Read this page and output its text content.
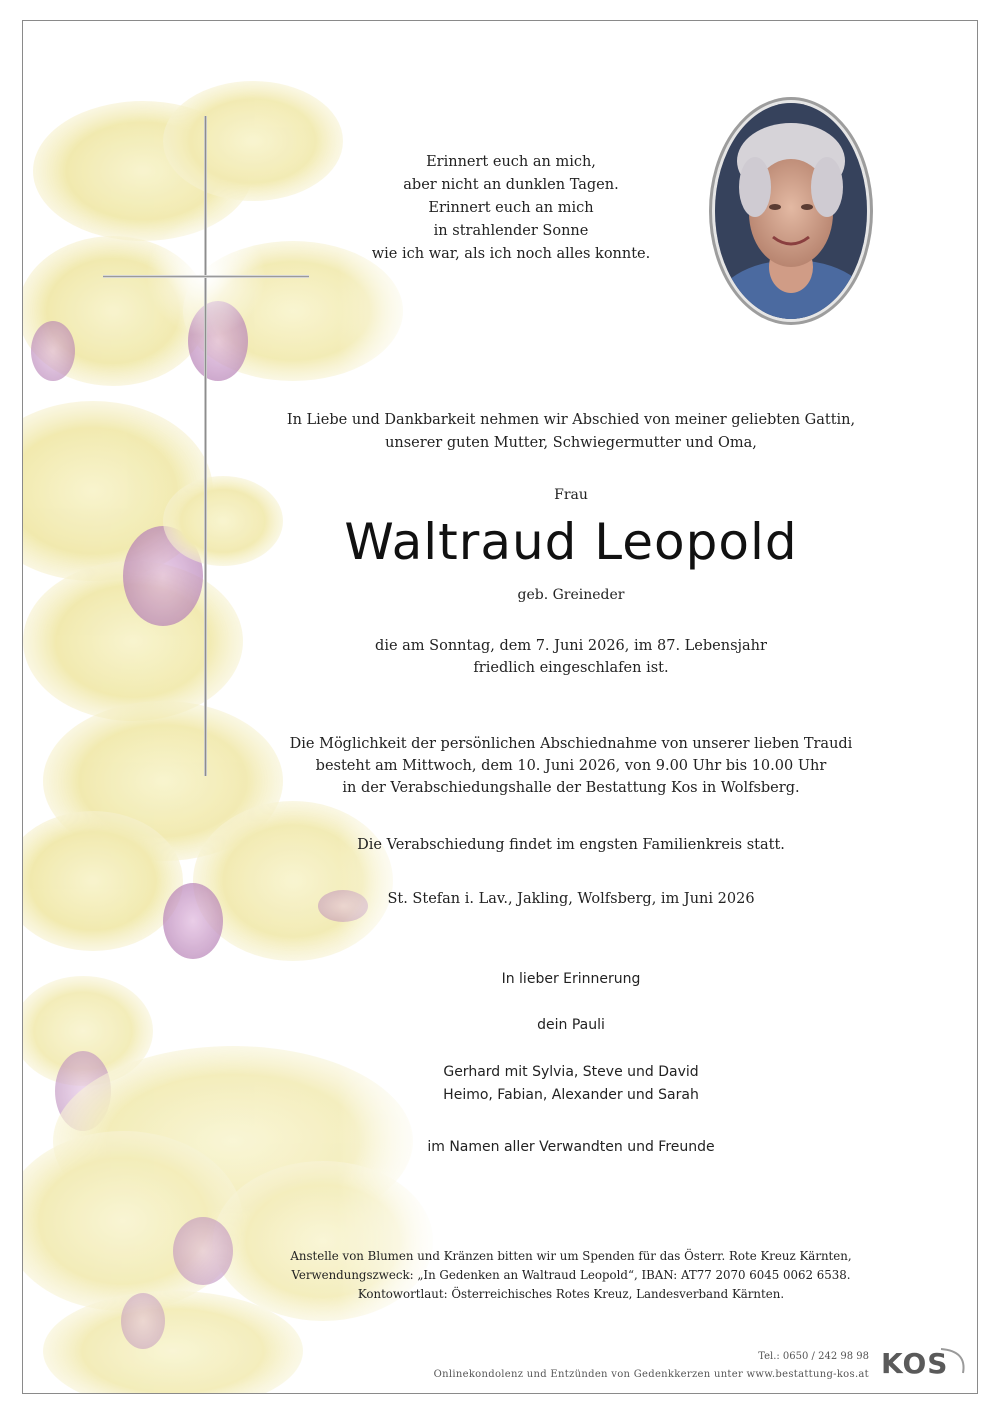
Erinnert euch an mich,
aber nicht an dunklen Tagen.
Erinnert euch an mich
in strahlender Sonne
wie ich war, als ich noch alles konnte.
In Liebe und Dankbarkeit nehmen wir Abschied von meiner geliebten Gattin,
unserer guten Mutter, Schwiegermutter und Oma,
Frau
Waltraud Leopold
geb. Greineder
die am Sonntag, dem 7. Juni 2026, im 87. Lebensjahr
friedlich eingeschlafen ist.
Die Möglichkeit der persönlichen Abschiednahme von unserer lieben Traudi
besteht am Mittwoch, dem 10. Juni 2026, von 9.00 Uhr bis 10.00 Uhr
in der Verabschiedungshalle der Bestattung Kos in Wolfsberg.
Die Verabschiedung findet im engsten Familienkreis statt.
St. Stefan i. Lav., Jakling, Wolfsberg, im Juni 2026
In lieber Erinnerung
dein Pauli
Gerhard mit Sylvia, Steve und David
Heimo, Fabian, Alexander und Sarah
im Namen aller Verwandten und Freunde
Anstelle von Blumen und Kränzen bitten wir um Spenden für das Österr. Rote Kreuz Kärnten,
Verwendungszweck: „In Gedenken an Waltraud Leopold“, IBAN: AT77 2070 6045 0062 6538.
Kontowortlaut: Österreichisches Rotes Kreuz, Landesverband Kärnten.
Tel.: 0650 / 242 98 98
Onlinekondolenz und Entzünden von Gedenkkerzen unter www.bestattung-kos.at KOS
